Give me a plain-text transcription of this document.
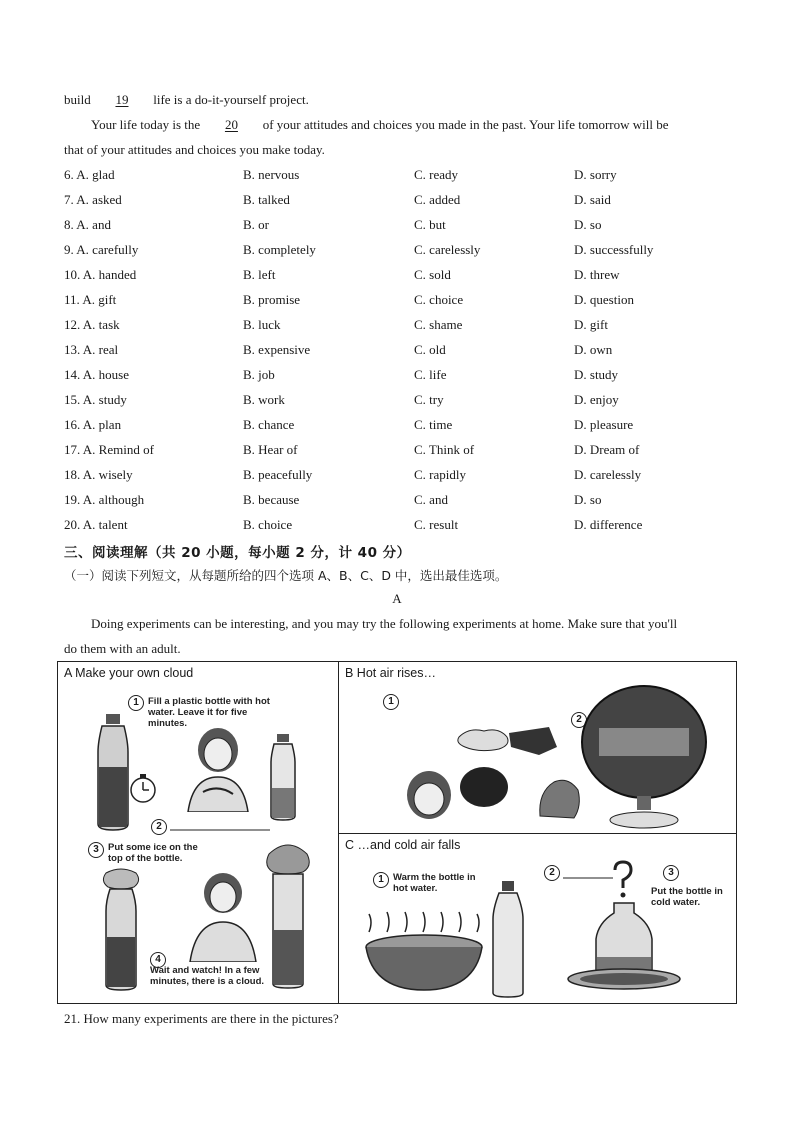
build 19 life is a do-it-yourself project.
Your life today is the 20 of your attitudes and choices you made in the past. Your life tomorrow will be
that of your attitudes and choices you make today.
6. A. glad	B. nervous	C. ready	D. sorry
7. A. asked	B. talked	C. added	D. said
8. A. and	B. or	C. but	D. so
9. A. carefully	B. completely	C. carelessly	D. successfully
10. A. handed	B. left	C. sold	D. threw
11. A. gift	B. promise	C. choice	D. question
12. A. task	B. luck	C. shame	D. gift
13. A. real	B. expensive	C. old	D. own
14. A. house	B. job	C. life	D. study
15. A. study	B. work	C. try	D. enjoy
16. A. plan	B. chance	C. time	D. pleasure
17. A. Remind of	B. Hear of	C. Think of	D. Dream of
18. A. wisely	B. peacefully	C. rapidly	D. carelessly
19. A. although	B. because	C. and	D. so
20. A. talent	B. choice	C. result	D. difference
三、阅读理解（共 20 小题，每小题 2 分，计 40 分）
（一）阅读下列短文，从每题所给的四个选项 A、B、C、D 中，选出最佳选项。
A
Doing experiments can be interesting, and you may try the following experiments at home. Make sure that you'll
do them with an adult.
A Make your own cloud
1 Fill a plastic bottle with hot water. Leave it for five minutes.
2
3 Put some ice on the top of the bottle.
4
Wait and watch! In a few minutes, there is a cloud.
B Hot air rises…
1
2
C …and cold air falls
1 Warm the bottle in hot water.
2	3
Put the bottle in cold water.
21. How many experiments are there in the pictures?
